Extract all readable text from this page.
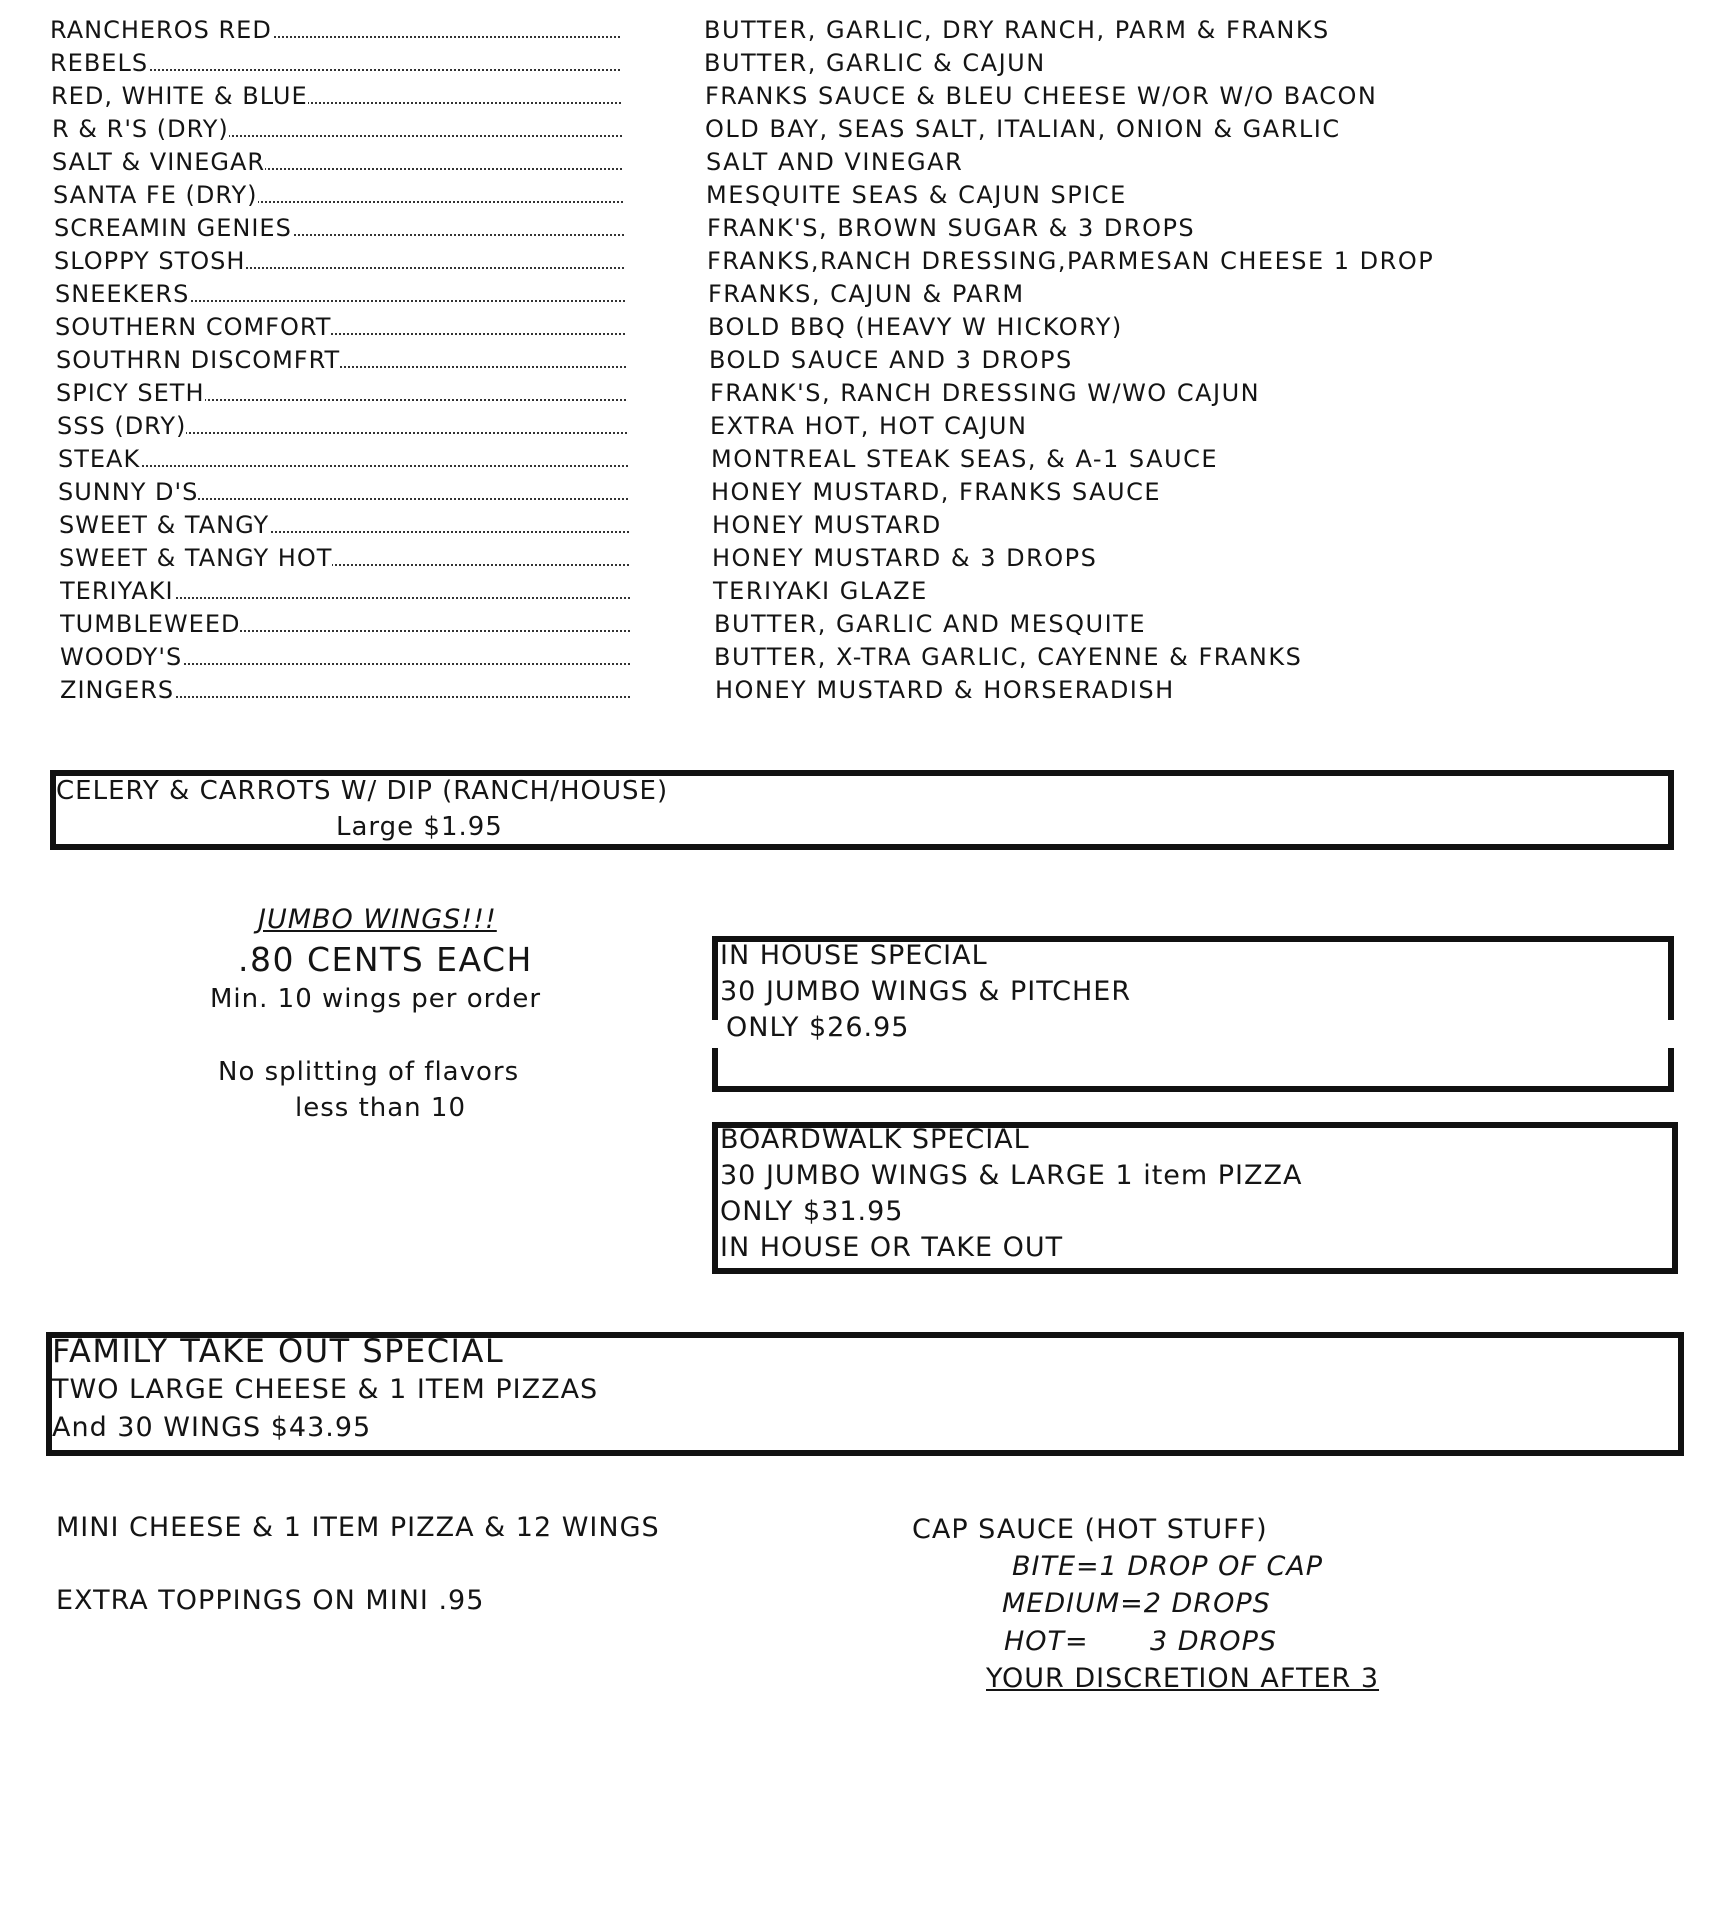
RANCHEROS RED	BUTTER, GARLIC, DRY RANCH, PARM & FRANKS
REBELS	BUTTER, GARLIC & CAJUN
RED, WHITE & BLUE	FRANKS SAUCE & BLEU CHEESE W/OR W/O BACON
R & R'S (DRY)	OLD BAY, SEAS SALT, ITALIAN, ONION & GARLIC
SALT & VINEGAR	SALT AND VINEGAR
SANTA FE (DRY)	MESQUITE SEAS & CAJUN SPICE
SCREAMIN GENIES	FRANK'S, BROWN SUGAR & 3 DROPS
SLOPPY STOSH	FRANKS,RANCH DRESSING,PARMESAN CHEESE 1 DROP
SNEEKERS	FRANKS, CAJUN & PARM
SOUTHERN COMFORT	BOLD BBQ (HEAVY W HICKORY)
SOUTHRN DISCOMFRT	BOLD SAUCE AND 3 DROPS
SPICY SETH	FRANK'S, RANCH DRESSING W/WO CAJUN
SSS (DRY)	EXTRA HOT, HOT CAJUN
STEAK	MONTREAL STEAK SEAS, & A-1 SAUCE
SUNNY D'S	HONEY MUSTARD, FRANKS SAUCE
SWEET & TANGY	HONEY MUSTARD
SWEET & TANGY HOT	HONEY MUSTARD & 3 DROPS
TERIYAKI	TERIYAKI GLAZE
TUMBLEWEED	BUTTER, GARLIC AND MESQUITE
WOODY'S	BUTTER, X-TRA GARLIC, CAYENNE & FRANKS
ZINGERS	HONEY MUSTARD & HORSERADISH
CELERY & CARROTS W/ DIP (RANCH/HOUSE)
Large $1.95
JUMBO WINGS!!!
.80 CENTS EACH
Min. 10 wings per order
No splitting of flavors
less than 10
IN HOUSE SPECIAL
30 JUMBO WINGS & PITCHER
ONLY $26.95
BOARDWALK SPECIAL
30 JUMBO WINGS & LARGE 1 item PIZZA
ONLY $31.95
IN HOUSE OR TAKE OUT
FAMILY TAKE OUT SPECIAL
TWO LARGE CHEESE & 1 ITEM PIZZAS
And 30 WINGS $43.95
MINI CHEESE & 1 ITEM PIZZA & 12 WINGS
EXTRA TOPPINGS ON MINI .95
CAP SAUCE (HOT STUFF)
BITE=1 DROP OF CAP
MEDIUM=2 DROPS
HOT= 3 DROPS
YOUR DISCRETION AFTER 3
